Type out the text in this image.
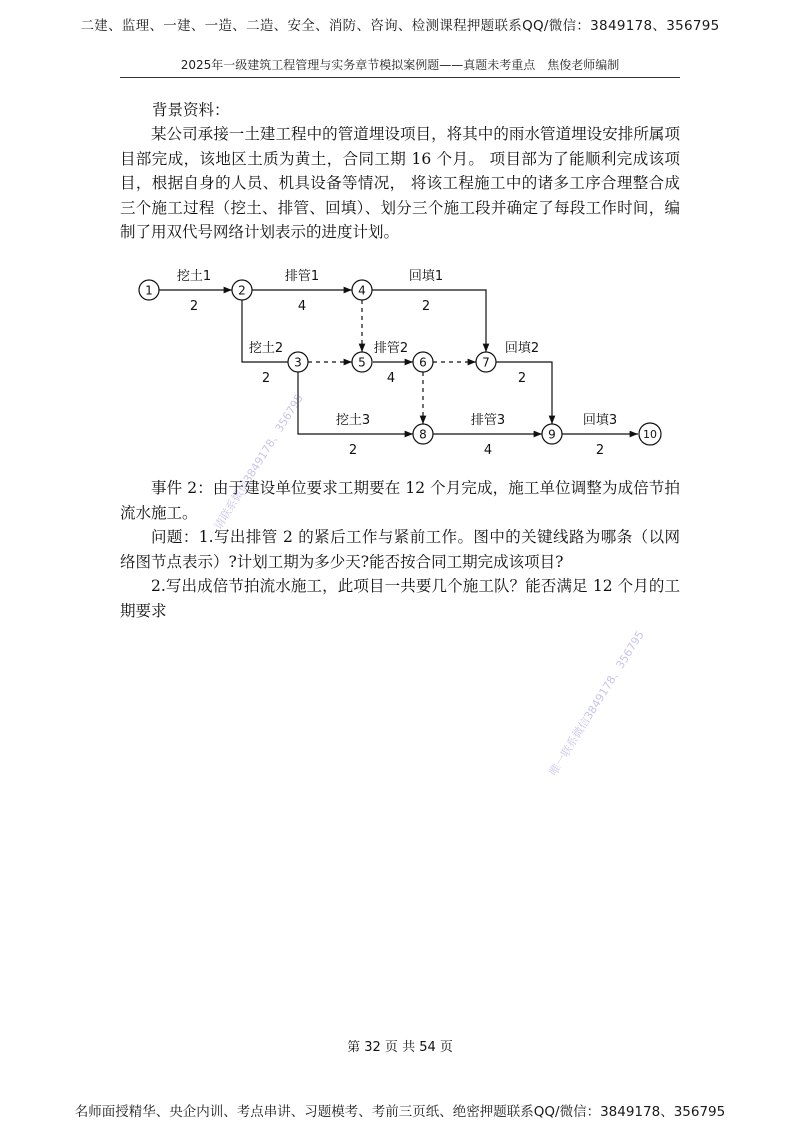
二建、监理、一建、一造、二造、安全、消防、咨询、检测课程押题联系QQ/微信：3849178、356795
2025年一级建筑工程管理与实务章节模拟案例题——真题未考重点　焦俊老师编制
背景资料：

某公司承接一土建工程中的管道埋设项目，将其中的雨水管道埋设安排所属项目部完成，该地区土质为黄土，合同工期 16 个月。 项目部为了能顺利完成该项目，根据自身的人员、机具设备等情况， 将该工程施工中的诸多工序合理整合成三个施工过程（挖土、排管、回填）、划分三个施工段并确定了每段工作时间，编制了用双代号网络计划表示的进度计划。

1	2	4
3	5	6	7
8	9	10
挖土1	排管1	回填1
挖土2	排管2	回填2
挖土3	排管3	回填3
2	4	2
2	4	2
2	4	2

事件 2：由于建设单位要求工期要在 12 个月完成，施工单位调整为成倍节拍流水施工。

问题：1.写出排管 2 的紧后工作与紧前工作。图中的关键线路为哪条（以网络图节点表示）?计划工期为多少天?能否按合同工期完成该项目?

2.写出成倍节拍流水施工，此项目一共要几个施工队？能否满足 12 个月的工期要求

请联系微信3849178、356795
唯一联系微信3849178、356795
第 32 页 共 54 页
名师面授精华、央企内训、考点串讲、习题模考、考前三页纸、绝密押题联系QQ/微信：3849178、356795
